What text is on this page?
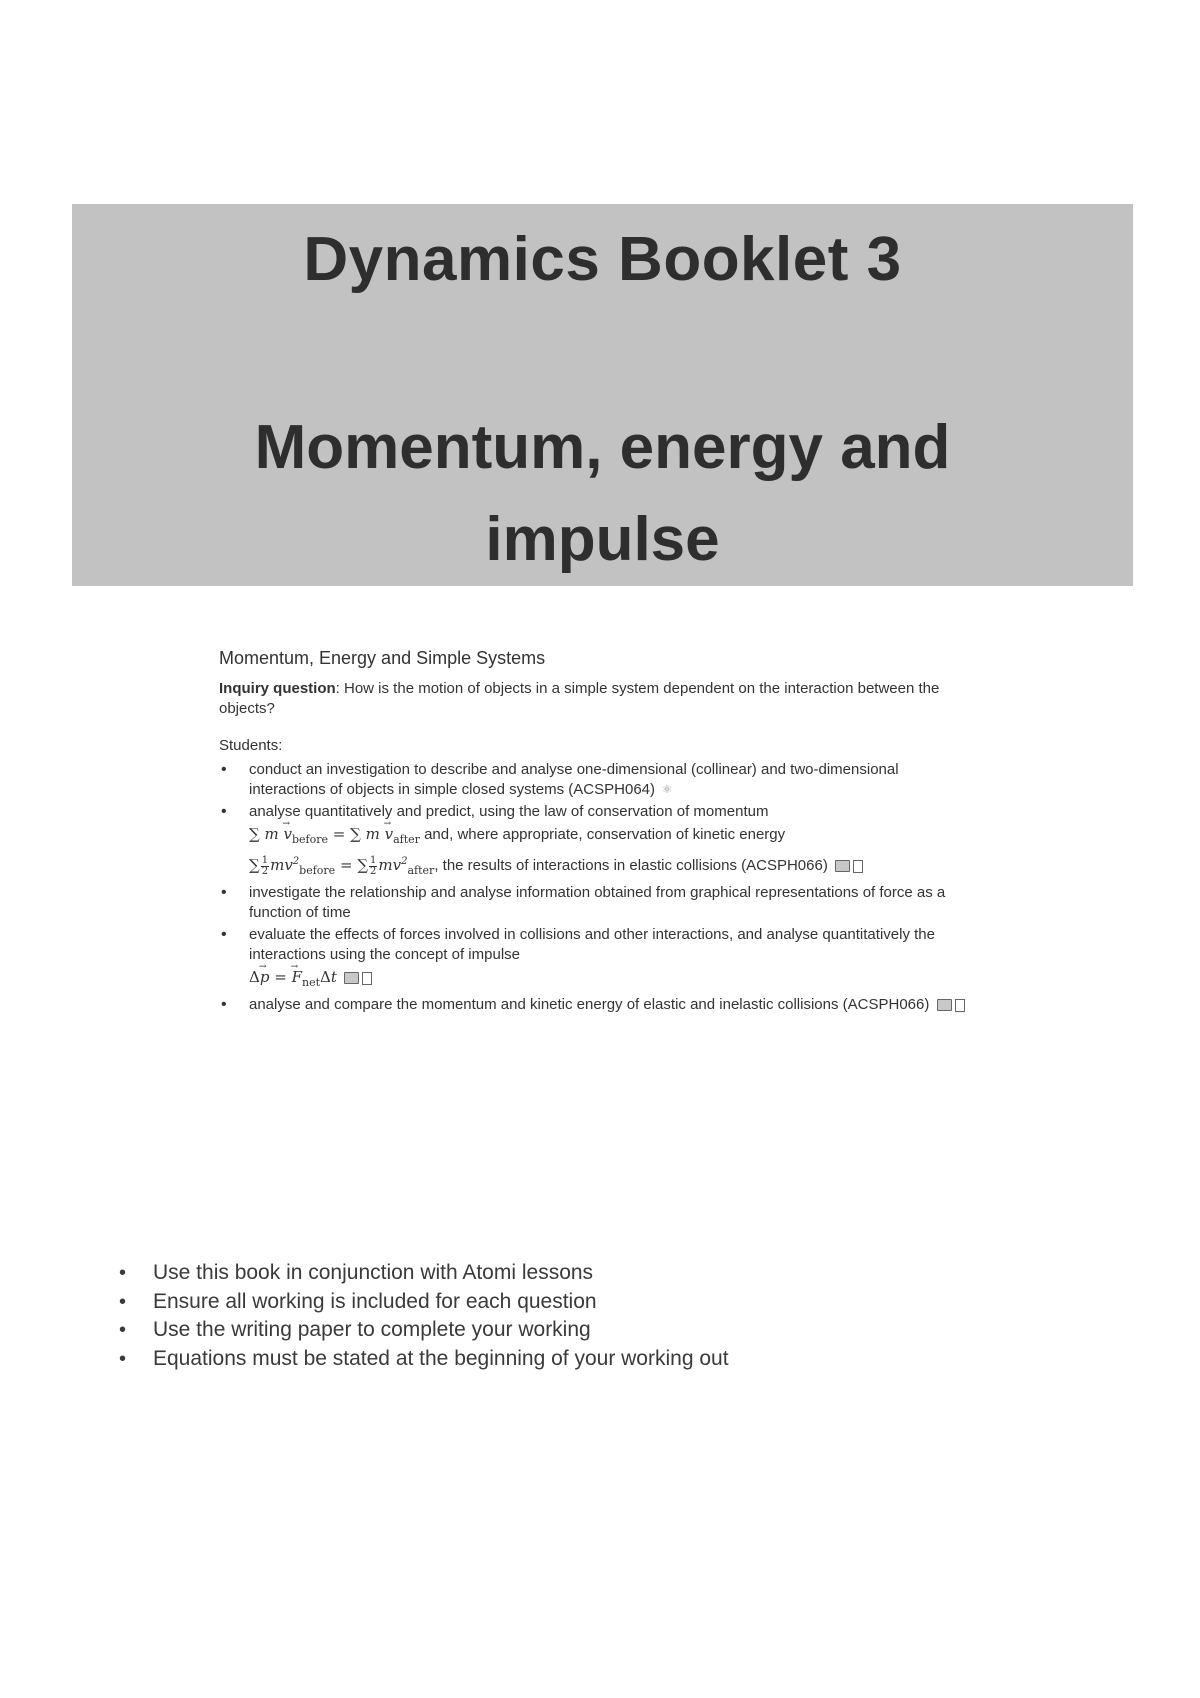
Dynamics Booklet 3
Momentum, energy and
impulse
Momentum, Energy and Simple Systems
Inquiry question: How is the motion of objects in a simple system dependent on the interaction between the objects?
Students:
• conduct an investigation to describe and analyse one-dimensional (collinear) and two-dimensional interactions of objects in simple closed systems (ACSPH064) ⚛
• analyse quantitatively and predict, using the law of conservation of momentum
∑ $m \to v_{before}$ = ∑ $m \to v_{after}$ and, where appropriate, conservation of kinetic energy
∑ $\frac{1}{2} mv^2_{before}$ = ∑ $\frac{1}{2} mv^2_{after}$, the results of interactions in elastic collisions (ACSPH066)
• investigate the relationship and analyse information obtained from graphical representations of force as a function of time
• evaluate the effects of forces involved in collisions and other interactions, and analyse quantitatively the interactions using the concept of impulse
Δ→ p = → $F_{net}\Delta t$
• analyse and compare the momentum and kinetic energy of elastic and inelastic collisions (ACSPH066)
• Use this book in conjunction with Atomi lessons
• Ensure all working is included for each question
• Use the writing paper to complete your working
• Equations must be stated at the beginning of your working out
